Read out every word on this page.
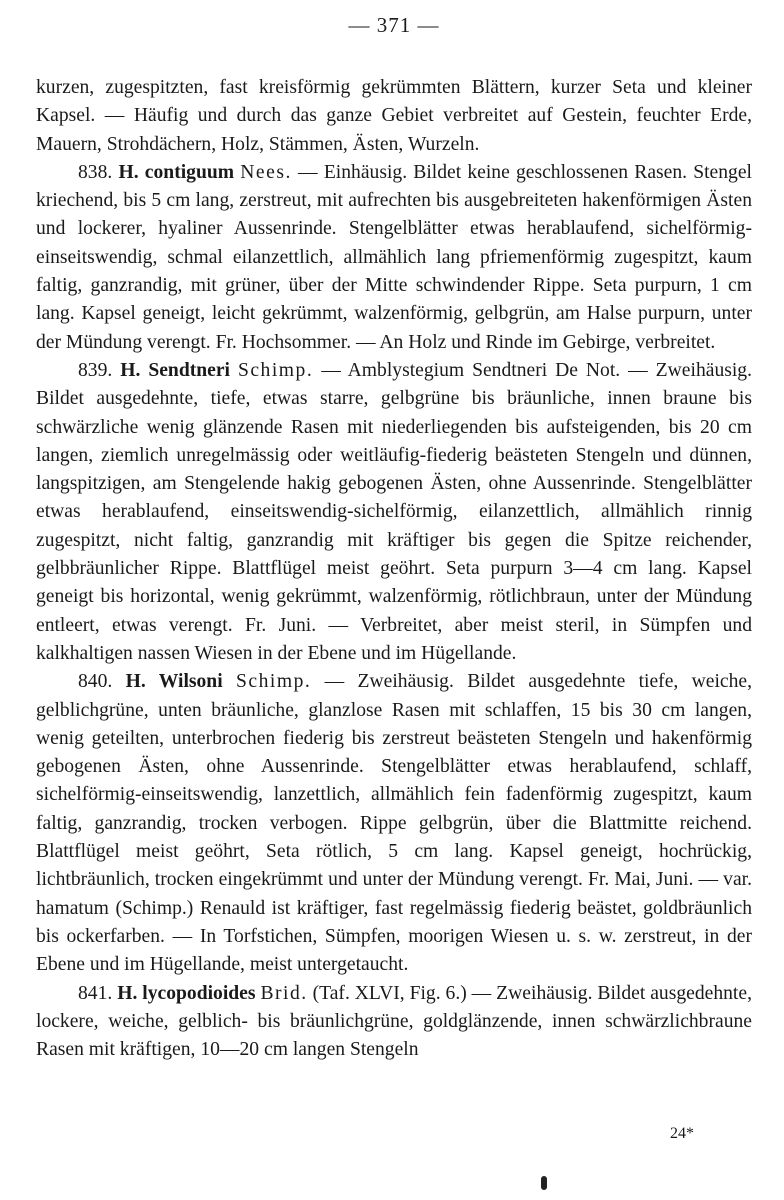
— 371 —

kurzen, zugespitzten, fast kreisförmig gekrümmten Blättern, kurzer Seta und kleiner Kapsel. — Häufig und durch das ganze Gebiet verbreitet auf Gestein, feuchter Erde, Mauern, Strohdächern, Holz, Stämmen, Ästen, Wurzeln.

838. H. contiguum Nees. — Einhäusig. Bildet keine geschlossenen Rasen. Stengel kriechend, bis 5 cm lang, zerstreut, mit aufrechten bis ausgebreiteten hakenförmigen Ästen und lockerer, hyaliner Aussenrinde. Stengelblätter etwas herablaufend, sichelförmig-einseitswendig, schmal eilanzettlich, allmählich lang pfriemenförmig zugespitzt, kaum faltig, ganzrandig, mit grüner, über der Mitte schwindender Rippe. Seta purpurn, 1 cm lang. Kapsel geneigt, leicht gekrümmt, walzenförmig, gelbgrün, am Halse purpurn, unter der Mündung verengt. Fr. Hochsommer. — An Holz und Rinde im Gebirge, verbreitet.

839. H. Sendtneri Schimp. — Amblystegium Sendtneri De Not. — Zweihäusig. Bildet ausgedehnte, tiefe, etwas starre, gelbgrüne bis bräunliche, innen braune bis schwärzliche wenig glänzende Rasen mit niederliegenden bis aufsteigenden, bis 20 cm langen, ziemlich unregelmässig oder weitläufig-fiederig beästeten Stengeln und dünnen, langspitzigen, am Stengelende hakig gebogenen Ästen, ohne Aussenrinde. Stengelblätter etwas herablaufend, einseitswendig-sichelförmig, eilanzettlich, allmählich rinnig zugespitzt, nicht faltig, ganzrandig mit kräftiger bis gegen die Spitze reichender, gelbbräunlicher Rippe. Blattflügel meist geöhrt. Seta purpurn 3—4 cm lang. Kapsel geneigt bis horizontal, wenig gekrümmt, walzenförmig, rötlichbraun, unter der Mündung entleert, etwas verengt. Fr. Juni. — Verbreitet, aber meist steril, in Sümpfen und kalkhaltigen nassen Wiesen in der Ebene und im Hügellande.

840. H. Wilsoni Schimp. — Zweihäusig. Bildet ausgedehnte tiefe, weiche, gelblichgrüne, unten bräunliche, glanzlose Rasen mit schlaffen, 15 bis 30 cm langen, wenig geteilten, unterbrochen fiederig bis zerstreut beästeten Stengeln und hakenförmig gebogenen Ästen, ohne Aussenrinde. Stengelblätter etwas herablaufend, schlaff, sichelförmig-einseitswendig, lanzettlich, allmählich fein fadenförmig zugespitzt, kaum faltig, ganzrandig, trocken verbogen. Rippe gelbgrün, über die Blattmitte reichend. Blattflügel meist geöhrt, Seta rötlich, 5 cm lang. Kapsel geneigt, hochrückig, lichtbräunlich, trocken eingekrümmt und unter der Mündung verengt. Fr. Mai, Juni. — var. hamatum (Schimp.) Renauld ist kräftiger, fast regelmässig fiederig beästet, goldbräunlich bis ockerfarben. — In Torfstichen, Sümpfen, moorigen Wiesen u. s. w. zerstreut, in der Ebene und im Hügellande, meist untergetaucht.

841. H. lycopodioides Brid. (Taf. XLVI, Fig. 6.) — Zweihäusig. Bildet ausgedehnte, lockere, weiche, gelblich- bis bräunlichgrüne, goldglänzende, innen schwärzlichbraune Rasen mit kräftigen, 10—20 cm langen Stengeln

24*
